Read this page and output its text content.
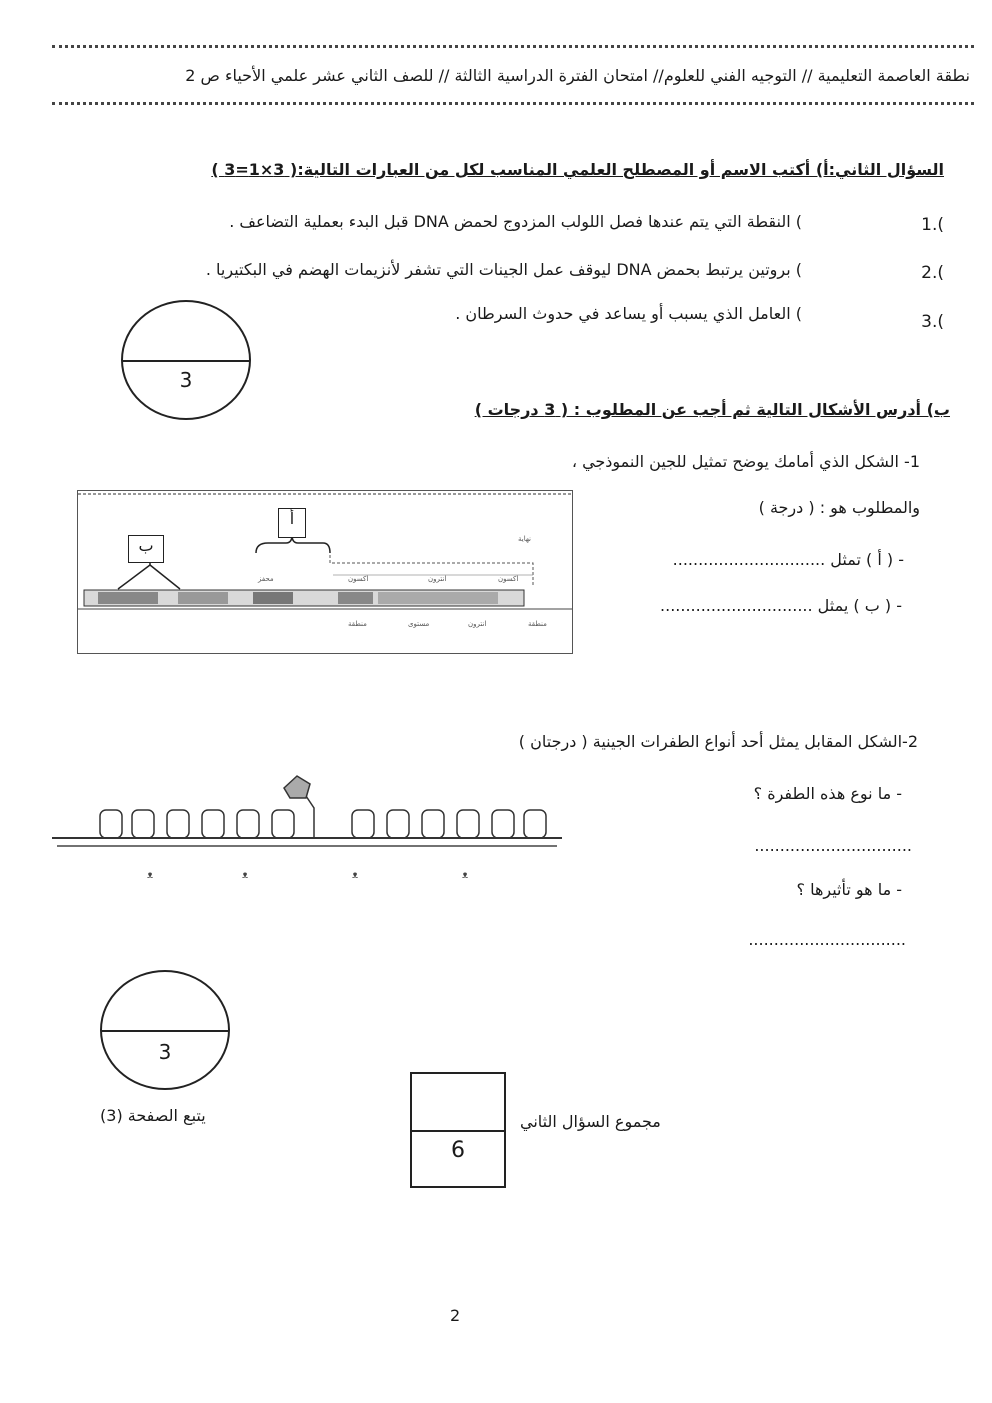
نطقة العاصمة التعليمية // التوجيه الفني للعلوم// امتحان الفترة الدراسية الثالثة // للصف الثاني عشر علمي الأحياء ص 2
السؤال الثاني:أ) أكتب الاسم أو المصطلح العلمي المناسب لكل من العبارات التالية:( 3×1=3 )
1.(
) النقطة التي يتم عندها فصل اللولب المزدوج لحمض DNA قبل البدء بعملية التضاعف .
2.(
) بروتين يرتبط بحمض DNA ليوقف عمل الجينات التي تشفر لأنزيمات الهضم في البكتيريا .
3.(
) العامل الذي يسبب أو يساعد في حدوث السرطان .
3
ب) أدرس الأشكال التالية ثم أجب عن المطلوب : ( 3 درجات )
1- الشكل الذي أمامك يوضح تمثيل للجين النموذجي ،
والمطلوب هو : ( درجة )
- ( أ ) تمثل ..............................
- ( ب ) يمثل ..............................
محفز	اكسون	انترون	اكسون
نهاية
منطقة	مستوى	انترون	منطقة
أ
ب
2-الشكل المقابل يمثل أحد أنواع الطفرات الجينية ( درجتان )
- ما نوع هذه الطفرة ؟
...............................
- ما هو تأثيرها ؟
...............................
ᴥ	ᴥ	ᴥ	ᴥ
3
يتبع الصفحة (3)
6
مجموع السؤال الثاني
2
